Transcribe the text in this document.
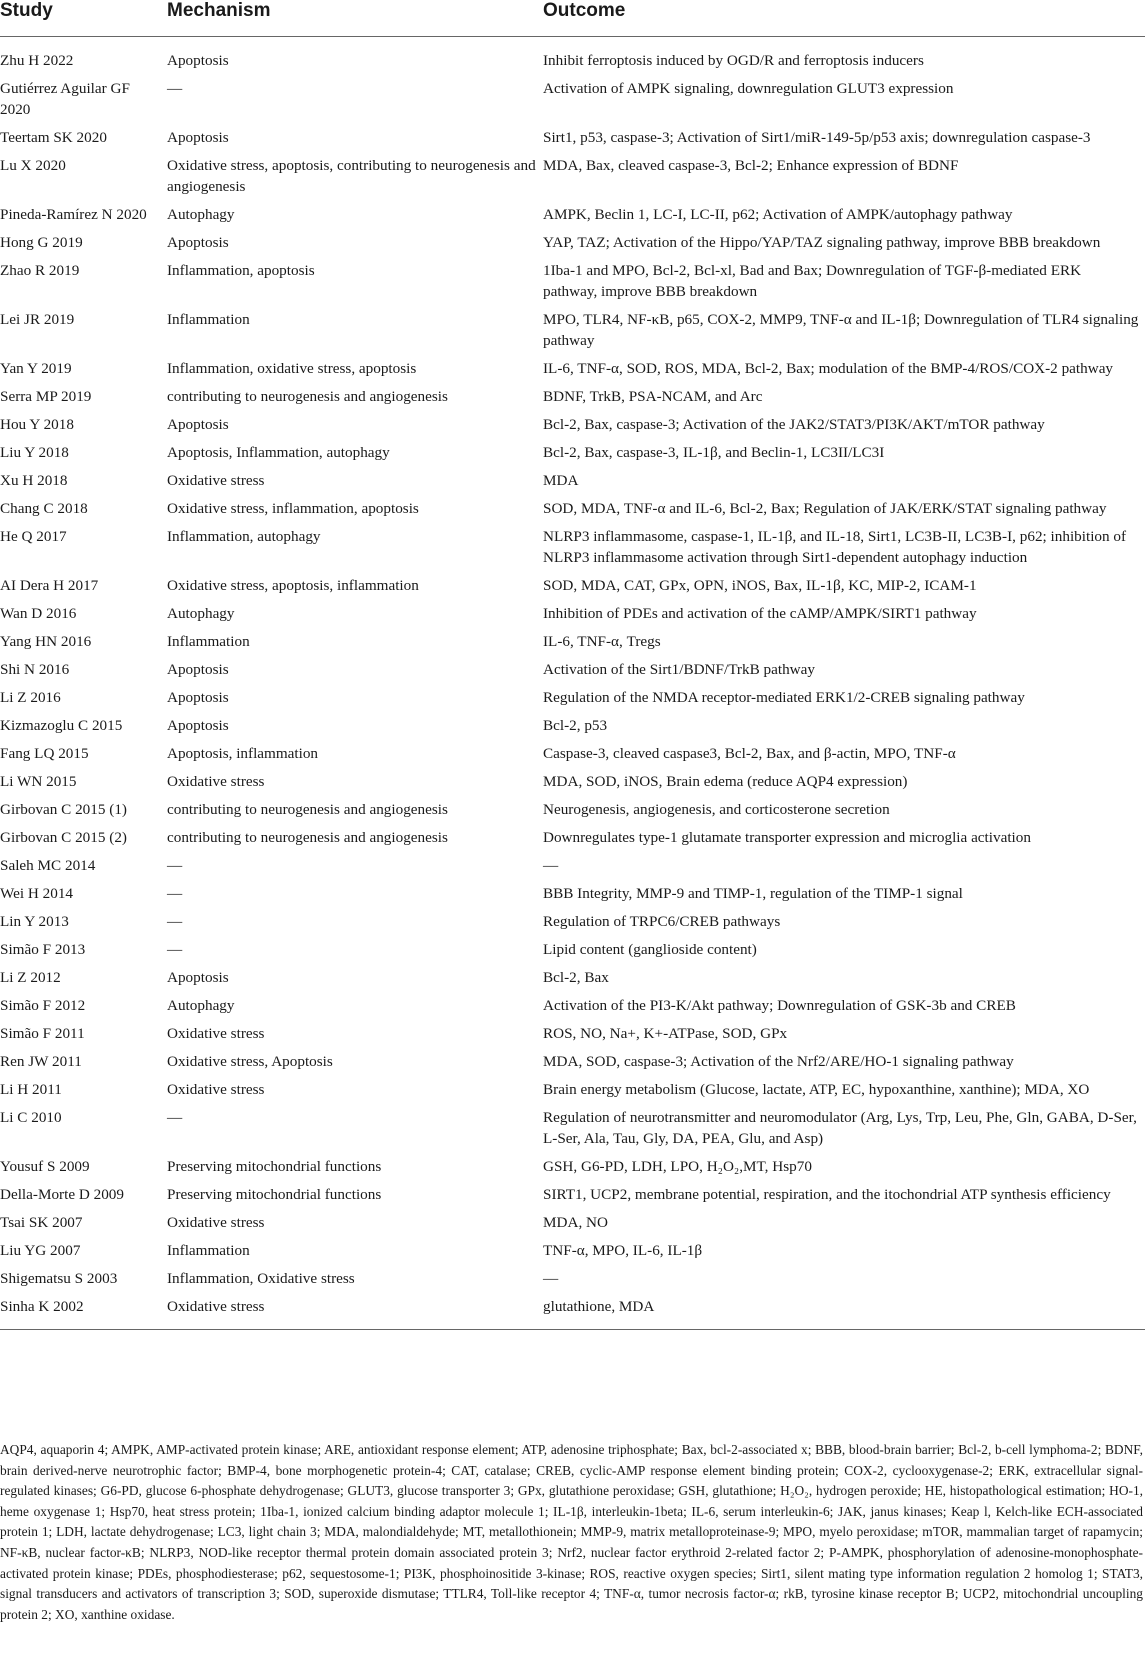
Study	Mechanism	Outcome
Zhu H 2022	Apoptosis	Inhibit ferroptosis induced by OGD/R and ferroptosis inducers
Gutiérrez Aguilar GF 2020	—	Activation of AMPK signaling, downregulation GLUT3 expression
Teertam SK 2020	Apoptosis	Sirt1, p53, caspase-3; Activation of Sirt1/miR-149-5p/p53 axis; downregulation caspase-3
Lu X 2020	Oxidative stress, apoptosis, contributing to neurogenesis and angiogenesis	MDA, Bax, cleaved caspase-3, Bcl-2; Enhance expression of BDNF
Pineda-Ramírez N 2020	Autophagy	AMPK, Beclin 1, LC-I, LC-II, p62; Activation of AMPK/autophagy pathway
Hong G 2019	Apoptosis	YAP, TAZ; Activation of the Hippo/YAP/TAZ signaling pathway, improve BBB breakdown
Zhao R 2019	Inflammation, apoptosis	1Iba-1 and MPO, Bcl-2, Bcl-xl, Bad and Bax; Downregulation of TGF-β-mediated ERK pathway, improve BBB breakdown
Lei JR 2019	Inflammation	MPO, TLR4, NF-κB, p65, COX-2, MMP9, TNF-α and IL-1β; Downregulation of TLR4 signaling pathway
Yan Y 2019	Inflammation, oxidative stress, apoptosis	IL-6, TNF-α, SOD, ROS, MDA, Bcl-2, Bax; modulation of the BMP-4/ROS/COX-2 pathway
Serra MP 2019	contributing to neurogenesis and angiogenesis	BDNF, TrkB, PSA-NCAM, and Arc
Hou Y 2018	Apoptosis	Bcl-2, Bax, caspase-3; Activation of the JAK2/STAT3/PI3K/AKT/mTOR pathway
Liu Y 2018	Apoptosis, Inflammation, autophagy	Bcl-2, Bax, caspase-3, IL-1β, and Beclin-1, LC3II/LC3I
Xu H 2018	Oxidative stress	MDA
Chang C 2018	Oxidative stress, inflammation, apoptosis	SOD, MDA, TNF-α and IL-6, Bcl-2, Bax; Regulation of JAK/ERK/STAT signaling pathway
He Q 2017	Inflammation, autophagy	NLRP3 inflammasome, caspase-1, IL-1β, and IL-18, Sirt1, LC3B-II, LC3B-I, p62; inhibition of NLRP3 inflammasome activation through Sirt1-dependent autophagy induction
AI Dera H 2017	Oxidative stress, apoptosis, inflammation	SOD, MDA, CAT, GPx, OPN, iNOS, Bax, IL-1β, KC, MIP-2, ICAM-1
Wan D 2016	Autophagy	Inhibition of PDEs and activation of the cAMP/AMPK/SIRT1 pathway
Yang HN 2016	Inflammation	IL-6, TNF-α, Tregs
Shi N 2016	Apoptosis	Activation of the Sirt1/BDNF/TrkB pathway
Li Z 2016	Apoptosis	Regulation of the NMDA receptor-mediated ERK1/2-CREB signaling pathway
Kizmazoglu C 2015	Apoptosis	Bcl-2, p53
Fang LQ 2015	Apoptosis, inflammation	Caspase-3, cleaved caspase3, Bcl-2, Bax, and β-actin, MPO, TNF-α
Li WN 2015	Oxidative stress	MDA, SOD, iNOS, Brain edema (reduce AQP4 expression)
Girbovan C 2015 (1)	contributing to neurogenesis and angiogenesis	Neurogenesis, angiogenesis, and corticosterone secretion
Girbovan C 2015 (2)	contributing to neurogenesis and angiogenesis	Downregulates type-1 glutamate transporter expression and microglia activation
Saleh MC 2014	—	—
Wei H 2014	—	BBB Integrity, MMP-9 and TIMP-1, regulation of the TIMP-1 signal
Lin Y 2013	—	Regulation of TRPC6/CREB pathways
Simão F 2013	—	Lipid content (ganglioside content)
Li Z 2012	Apoptosis	Bcl-2, Bax
Simão F 2012	Autophagy	Activation of the PI3-K/Akt pathway; Downregulation of GSK-3b and CREB
Simão F 2011	Oxidative stress	ROS, NO, Na+, K+-ATPase, SOD, GPx
Ren JW 2011	Oxidative stress, Apoptosis	MDA, SOD, caspase-3; Activation of the Nrf2/ARE/HO-1 signaling pathway
Li H 2011	Oxidative stress	Brain energy metabolism (Glucose, lactate, ATP, EC, hypoxanthine, xanthine); MDA, XO
Li C 2010	—	Regulation of neurotransmitter and neuromodulator (Arg, Lys, Trp, Leu, Phe, Gln, GABA, D-Ser, L-Ser, Ala, Tau, Gly, DA, PEA, Glu, and Asp)
Yousuf S 2009	Preserving mitochondrial functions	GSH, G6-PD, LDH, LPO, H₂O₂,MT, Hsp70
Della-Morte D 2009	Preserving mitochondrial functions	SIRT1, UCP2, membrane potential, respiration, and the itochondrial ATP synthesis efficiency
Tsai SK 2007	Oxidative stress	MDA, NO
Liu YG 2007	Inflammation	TNF-α, MPO, IL-6, IL-1β
Shigematsu S 2003	Inflammation, Oxidative stress	—
Sinha K 2002	Oxidative stress	glutathione, MDA
AQP4, aquaporin 4; AMPK, AMP-activated protein kinase; ARE, antioxidant response element; ATP, adenosine triphosphate; Bax, bcl-2-associated x; BBB, blood-brain barrier; Bcl-2, b-cell lymphoma-2; BDNF, brain derived-nerve neurotrophic factor; BMP-4, bone morphogenetic protein-4; CAT, catalase; CREB, cyclic-AMP response element binding protein; COX-2, cyclooxygenase-2; ERK, extracellular signal-regulated kinases; G6-PD, glucose 6-phosphate dehydrogenase; GLUT3, glucose transporter 3; GPx, glutathione peroxidase; GSH, glutathione; H₂O₂, hydrogen peroxide; HE, histopathological estimation; HO-1, heme oxygenase 1; Hsp70, heat stress protein; 1Iba-1, ionized calcium binding adaptor molecule 1; IL-1β, interleukin-1beta; IL-6, serum interleukin-6; JAK, janus kinases; Keap l, Kelch-like ECH-associated protein 1; LDH, lactate dehydrogenase; LC3, light chain 3; MDA, malondialdehyde; MT, metallothionein; MMP-9, matrix metalloproteinase-9; MPO, myelo peroxidase; mTOR, mammalian target of rapamycin; NF-κB, nuclear factor-κB; NLRP3, NOD-like receptor thermal protein domain associated protein 3; Nrf2, nuclear factor erythroid 2-related factor 2; P-AMPK, phosphorylation of adenosine-monophosphate-activated protein kinase; PDEs, phosphodiesterase; p62, sequestosome-1; PI3K, phosphoinositide 3-kinase; ROS, reactive oxygen species; Sirt1, silent mating type information regulation 2 homolog 1; STAT3, signal transducers and activators of transcription 3; SOD, superoxide dismutase; TTLR4, Toll-like receptor 4; TNF-α, tumor necrosis factor-α; rkB, tyrosine kinase receptor B; UCP2, mitochondrial uncoupling protein 2; XO, xanthine oxidase.
